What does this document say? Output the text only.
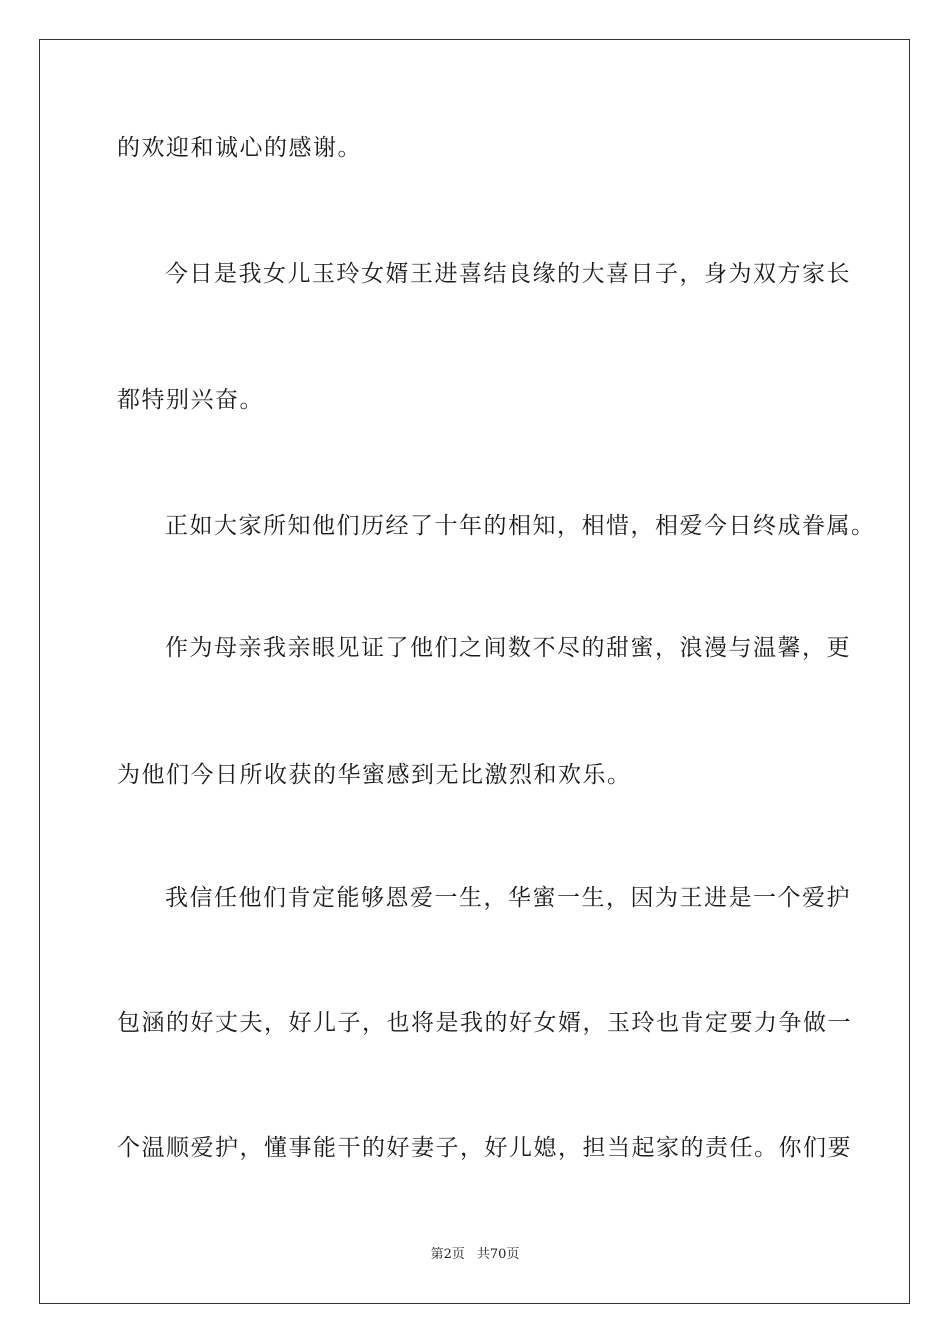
的欢迎和诚心的感谢。
今日是我女儿玉玲女婿王进喜结良缘的大喜日子，身为双方家长
都特别兴奋。
正如大家所知他们历经了十年的相知，相惜，相爱今日终成眷属。
作为母亲我亲眼见证了他们之间数不尽的甜蜜，浪漫与温馨，更
为他们今日所收获的华蜜感到无比激烈和欢乐。
我信任他们肯定能够恩爱一生，华蜜一生，因为王进是一个爱护
包涵的好丈夫，好儿子，也将是我的好女婿，玉玲也肯定要力争做一
个温顺爱护，懂事能干的好妻子，好儿媳，担当起家的责任。你们要
第2页 共70页
